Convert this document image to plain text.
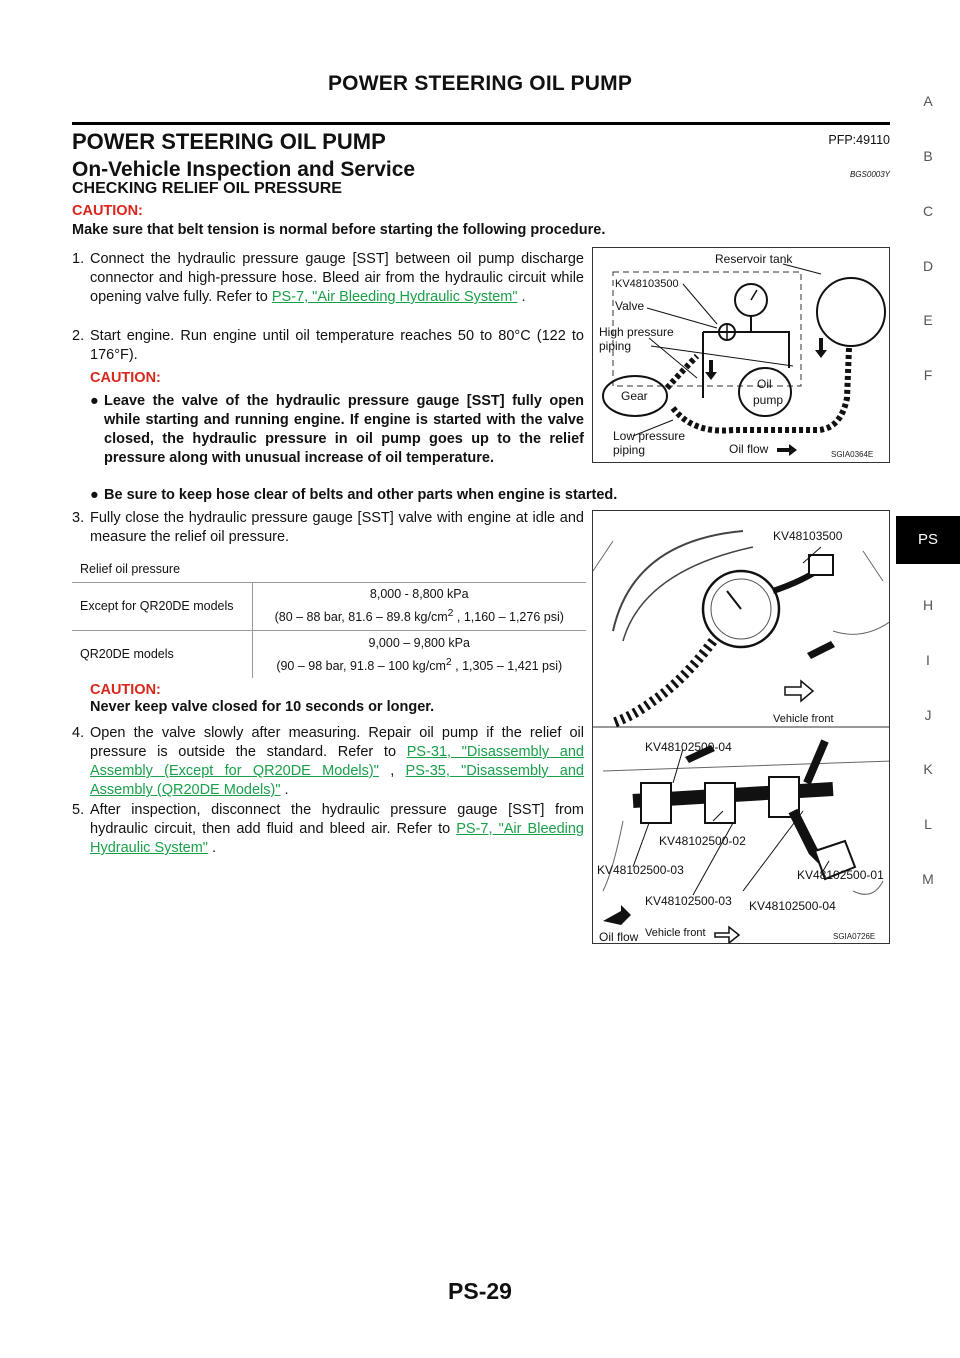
POWER STEERING OIL PUMP
POWER STEERING OIL PUMP	PFP:49110
On-Vehicle Inspection and Service	BGS0003Y
CHECKING RELIEF OIL PRESSURE
CAUTION:
Make sure that belt tension is normal before starting the following procedure.
1. Connect the hydraulic pressure gauge [SST] between oil pump discharge connector and high-pressure hose. Bleed air from the hydraulic circuit while opening valve fully. Refer to PS-7, "Air Bleeding Hydraulic System" .
2. Start engine. Run engine until oil temperature reaches 50 to 80°C (122 to 176°F).
CAUTION:
● Leave the valve of the hydraulic pressure gauge [SST] fully open while starting and running engine. If engine is started with the valve closed, the hydraulic pressure in oil pump goes up to the relief pressure along with unusual increase of oil temperature.
● Be sure to keep hose clear of belts and other parts when engine is started.
3. Fully close the hydraulic pressure gauge [SST] valve with engine at idle and measure the relief oil pressure.
Relief oil pressure	
Except for QR20DE models	8,000 - 8,800 kPa
(80 – 88 bar, 81.6 – 89.8 $kg/cm^2$ , 1,160 – 1,276 psi)

QR20DE models	9,000 – 9,800 kPa
(90 – 98 bar, 91.8 – 100 $kg/cm^2$ , 1,305 – 1,421 psi)
CAUTION:
Never keep valve closed for 10 seconds or longer.
4. Open the valve slowly after measuring. Repair oil pump if the relief oil pressure is outside the standard. Refer to PS-31, "Disassembly and Assembly (Except for QR20DE Models)" , PS-35, "Disassembly and Assembly (QR20DE Models)" .
5. After inspection, disconnect the hydraulic pressure gauge [SST] from hydraulic circuit, then add fluid and bleed air. Refer to PS-7, "Air Bleeding Hydraulic System" .
Reservoir tank
KV48103500
Valve
High pressure
piping
Gear
Oil
pump
Low pressure
piping	Oil flow	SGIA0364E
KV48103500
Vehicle front
KV48102500-04
KV48102500-02
KV48102500-03	KV48102500-01
KV48102500-03 KV48102500-04
Oil flow Vehicle front	SGIA0726E
A
B
C
D
E
F
PS
H
I
J
K
L
M
PS-29
